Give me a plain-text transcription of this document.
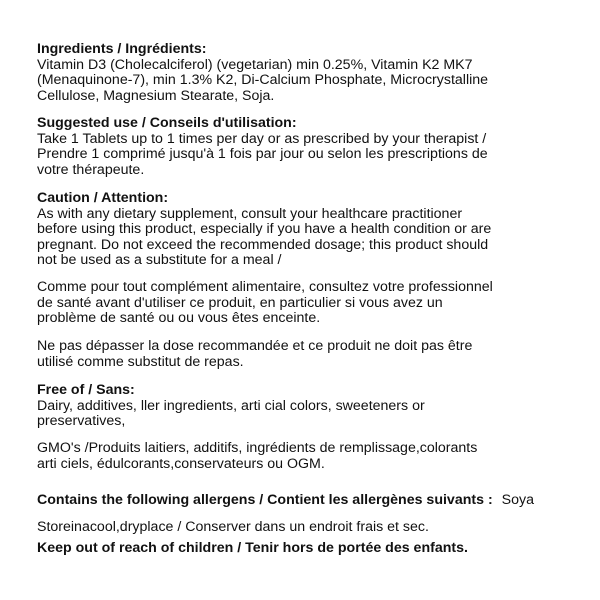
Ingredients / Ingrédients:
Vitamin D3 (Cholecalciferol) (vegetarian) min 0.25%, Vitamin K2 MK7
(Menaquinone-7), min 1.3% K2, Di-Calcium Phosphate, Microcrystalline
Cellulose, Magnesium Stearate, Soja.
Suggested use / Conseils d'utilisation:
Take 1 Tablets up to 1 times per day or as prescribed by your therapist /
Prendre 1 comprimé jusqu'à 1 fois par jour ou selon les prescriptions de
votre thérapeute.
Caution / Attention:
As with any dietary supplement, consult your healthcare practitioner
before using this product, especially if you have a health condition or are
pregnant. Do not exceed the recommended dosage; this product should
not be used as a substitute for a meal /
Comme pour tout complément alimentaire, consultez votre professionnel
de santé avant d'utiliser ce produit, en particulier si vous avez un
problème de santé ou ou vous êtes enceinte.
Ne pas dépasser la dose recommandée et ce produit ne doit pas être
utilisé comme substitut de repas.
Free of / Sans:
Dairy, additives, ller ingredients, arti cial colors, sweeteners or
preservatives,
GMO's /Produits laitiers, additifs, ingrédients de remplissage,colorants
arti ciels, édulcorants,conservateurs ou OGM.
Contains the following allergens / Contient les allergènes suivants : Soya
Storeinacool,dryplace / Conserver dans un endroit frais et sec.
Keep out of reach of children / Tenir hors de portée des enfants.
